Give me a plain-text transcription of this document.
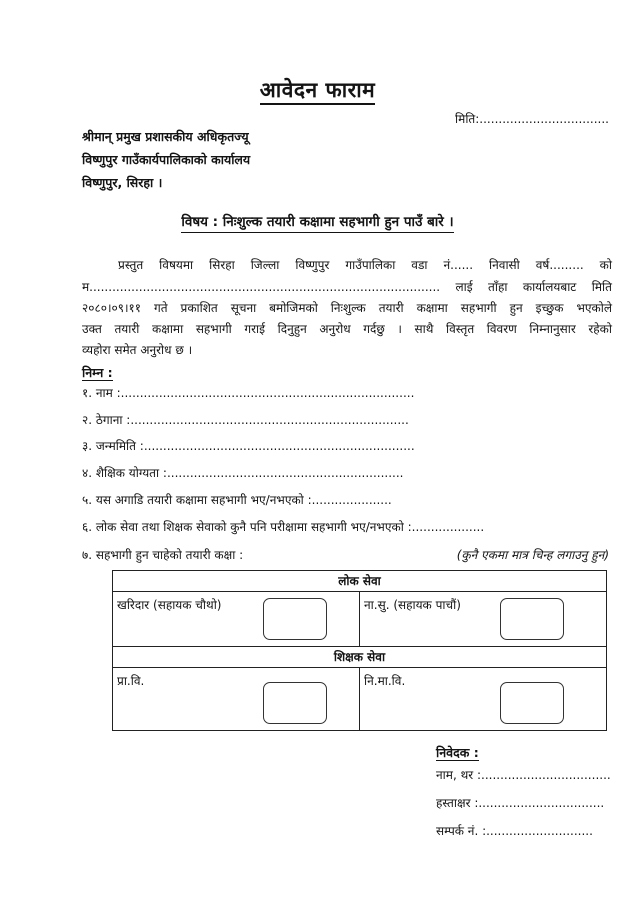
आवेदन फाराम
मिति:..................................
श्रीमान् प्रमुख प्रशासकीय अधिकृतज्यू
विष्णुपुर गाउँकार्यपालिकाको कार्यालय
विष्णुपुर, सिरहा ।
विषय : निःशुल्क तयारी कक्षामा सहभागी हुन पाउँ बारे ।
प्रस्तुत विषयमा सिरहा जिल्ला विष्णुपुर गाउँपालिका वडा नं...... निवासी वर्ष......... को
म............................................................................................ लाई ताँहा कार्यालयबाट मिति
२०८०।०९।११ गते प्रकाशित सूचना बमोजिमको निःशुल्क तयारी कक्षामा सहभागी हुन इच्छुक भएकोले
उक्त तयारी कक्षामा सहभागी गराई दिनुहुन अनुरोध गर्दछु । साथै विस्तृत विवरण निम्नानुसार रहेको
व्यहोरा समेत अनुरोध छ ।
निम्न :
१. नाम :.............................................................................
२. ठेगाना :.........................................................................
३. जन्ममिति :.......................................................................
४. शैक्षिक योग्यता :..............................................................
५. यस अगाडि तयारी कक्षामा सहभागी भए/नभएको :.....................
६. लोक सेवा तथा शिक्षक सेवाको कुनै पनि परीक्षामा सहभागी भए/नभएको :...................
७. सहभागी हुन चाहेको तयारी कक्षा :	(कुनै एकमा मात्र चिन्ह लगाउनु हुन)
लोक सेवा	

खरिदार (सहायक चौथो)	ना.सु. (सहायक पाचौं)

शिक्षक सेवा	

प्रा.वि.	नि.मा.वि.
निवेदक :
नाम, थर :..................................
हस्ताक्षर :.................................
सम्पर्क नं. :............................
